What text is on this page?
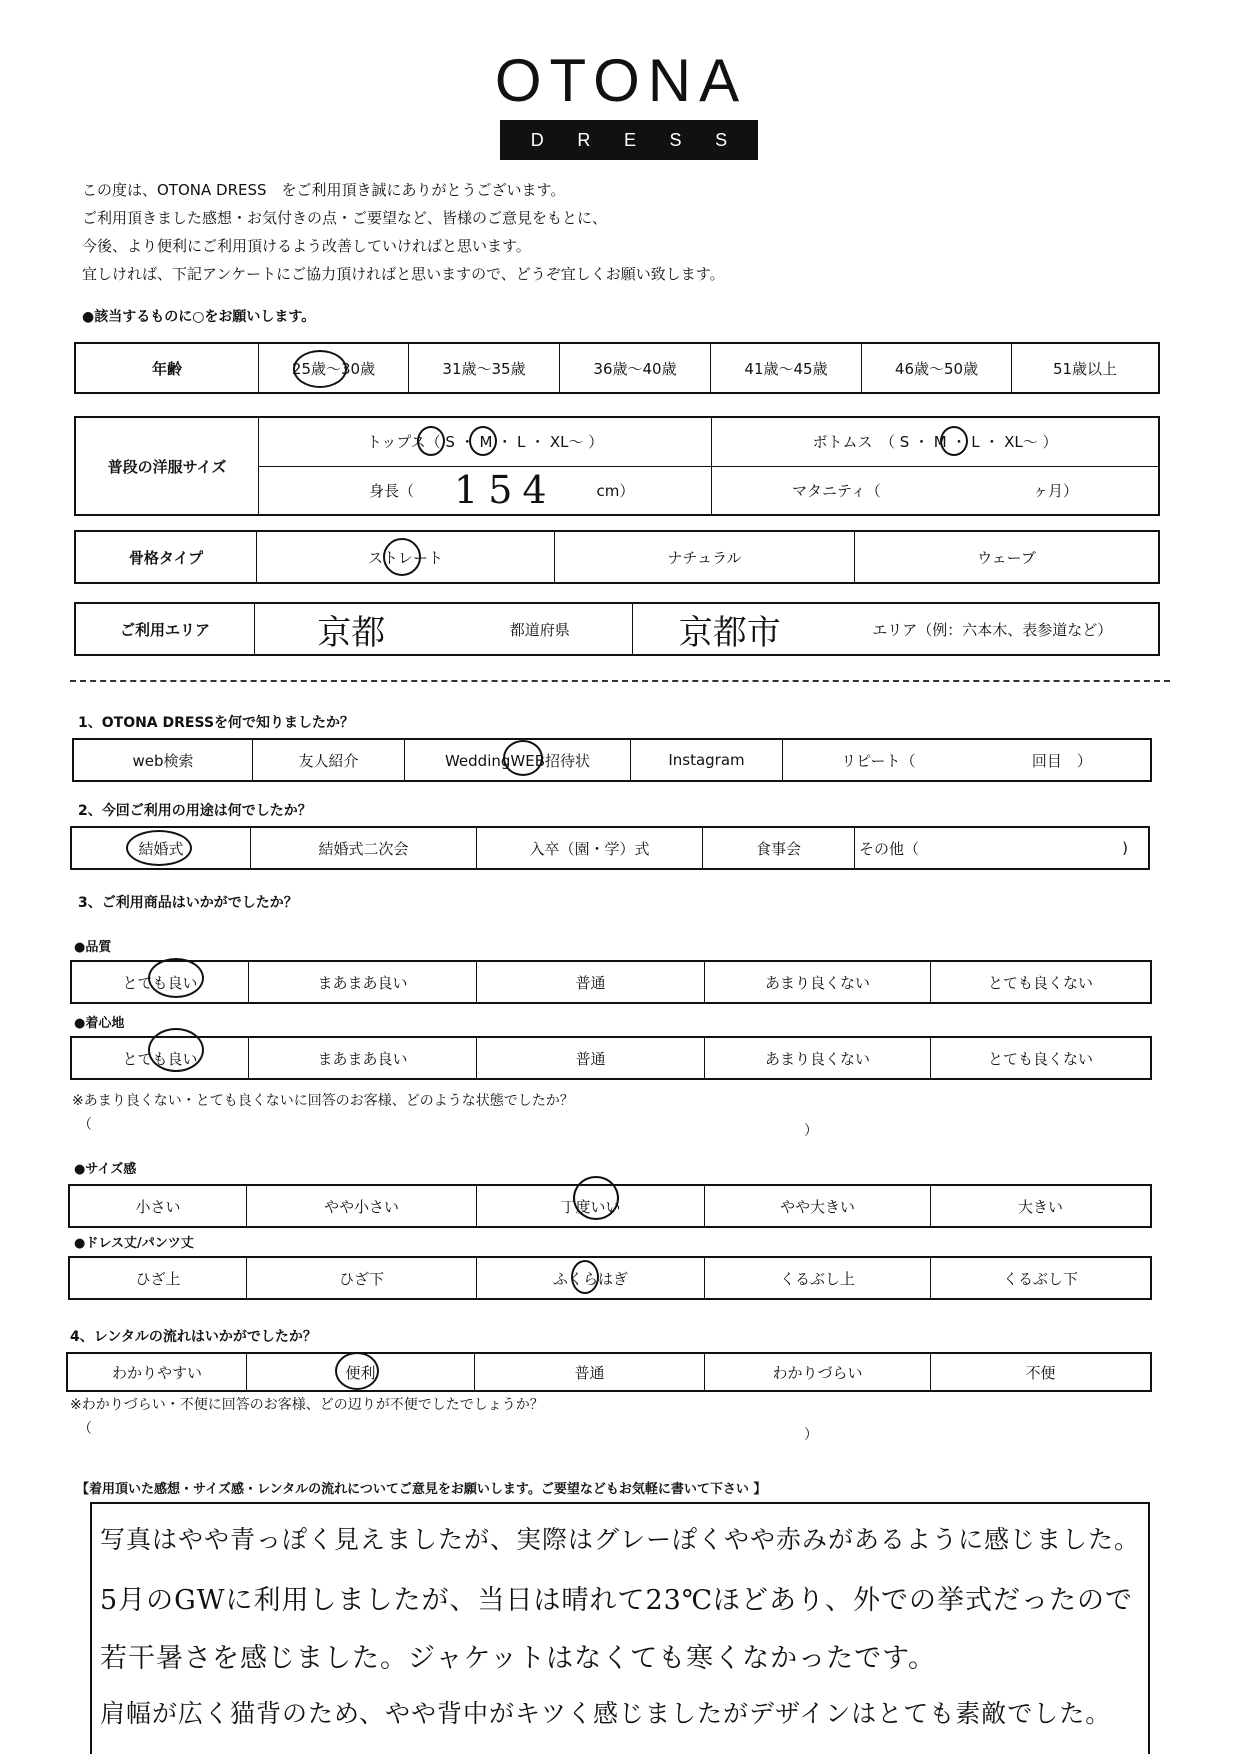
OTONA
D R E S S
この度は、OTONA DRESS　をご利用頂き誠にありがとうございます。
ご利用頂きました感想・お気付きの点・ご要望など、皆様のご意見をもとに、
今後、より便利にご利用頂けるよう改善していければと思います。
宜しければ、下記アンケートにご協力頂ければと思いますので、どうぞ宜しくお願い致します。
●該当するものに○をお願いします。
年齢	25歳～30歳	31歳～35歳	36歳～40歳	41歳～45歳	46歳～50歳	51歳以上
普段の洋服サイズ
トップス（ S ・ M ・ L ・ XL～ ）	ボトムス　（ S ・ M ・ L ・ XL～ ）
身長（ 154	cm）	マタニティ（	ヶ月）
骨格タイプ	ストレート	ナチュラル	ウェーブ
ご利用エリア	京都	都道府県	京都市	エリア（例：六本木、表参道など）
1、OTONA DRESSを何で知りましたか？
web検索	友人紹介	WeddingWEB招待状	Instagram	リピート（	回目　）
2、今回ご利用の用途は何でしたか？
結婚式	結婚式二次会	入卒（園・学）式	食事会	その他（	)
3、ご利用商品はいかがでしたか？
●品質
とても良い	まあまあ良い	普通	あまり良くない	とても良くない
●着心地
とても良い	まあまあ良い	普通	あまり良くない	とても良くない
※あまり良くない・とても良くないに回答のお客様、どのような状態でしたか？
（	）
●サイズ感
小さい	やや小さい	丁度いい	やや大きい	大きい
●ドレス丈/パンツ丈
ひざ上	ひざ下	ふくらはぎ	くるぶし上	くるぶし下
4、レンタルの流れはいかがでしたか？
わかりやすい	便利	普通	わかりづらい	不便
※わかりづらい・不便に回答のお客様、どの辺りが不便でしたでしょうか？
（	）
【着用頂いた感想・サイズ感・レンタルの流れについてご意見をお願いします。ご要望などもお気軽に書いて下さい 】
写真はやや青っぽく見えましたが、実際はグレーぽくやや赤みがあるように感じました。
5月のGWに利用しましたが、当日は晴れて23℃ほどあり、外での挙式だったので
若干暑さを感じました。ジャケットはなくても寒くなかったです。
肩幅が広く猫背のため、やや背中がキツく感じましたがデザインはとても素敵でした。
